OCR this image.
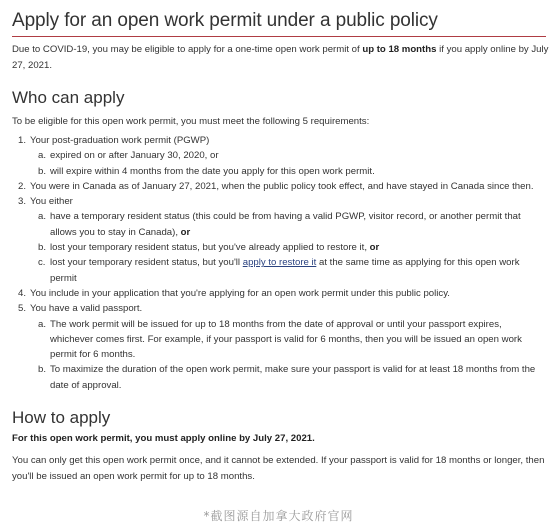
Apply for an open work permit under a public policy

Due to COVID-19, you may be eligible to apply for a one-time open work permit of up to 18 months if you apply online by July 27, 2021.

Who can apply

To be eligible for this open work permit, you must meet the following 5 requirements:

1. Your post-graduation work permit (PGWP)
a. expired on or after January 30, 2020, or
b. will expire within 4 months from the date you apply for this open work permit.
2. You were in Canada as of January 27, 2021, when the public policy took effect, and have stayed in Canada since then.
3. You either
a. have a temporary resident status (this could be from having a valid PGWP, visitor record, or another permit that allows you to stay in Canada), or
b. lost your temporary resident status, but you've already applied to restore it, or
c. lost your temporary resident status, but you'll apply to restore it at the same time as applying for this open work permit
4. You include in your application that you're applying for an open work permit under this public policy.
5. You have a valid passport.
a. The work permit will be issued for up to 18 months from the date of approval or until your passport expires, whichever comes first. For example, if your passport is valid for 6 months, then you will be issued an open work permit for 6 months.
b. To maximize the duration of the open work permit, make sure your passport is valid for at least 18 months from the date of approval.
How to apply

For this open work permit, you must apply online by July 27, 2021.

You can only get this open work permit once, and it cannot be extended. If your passport is valid for 18 months or longer, then you'll be issued an open work permit for up to 18 months.

*截图源自加拿大政府官网
